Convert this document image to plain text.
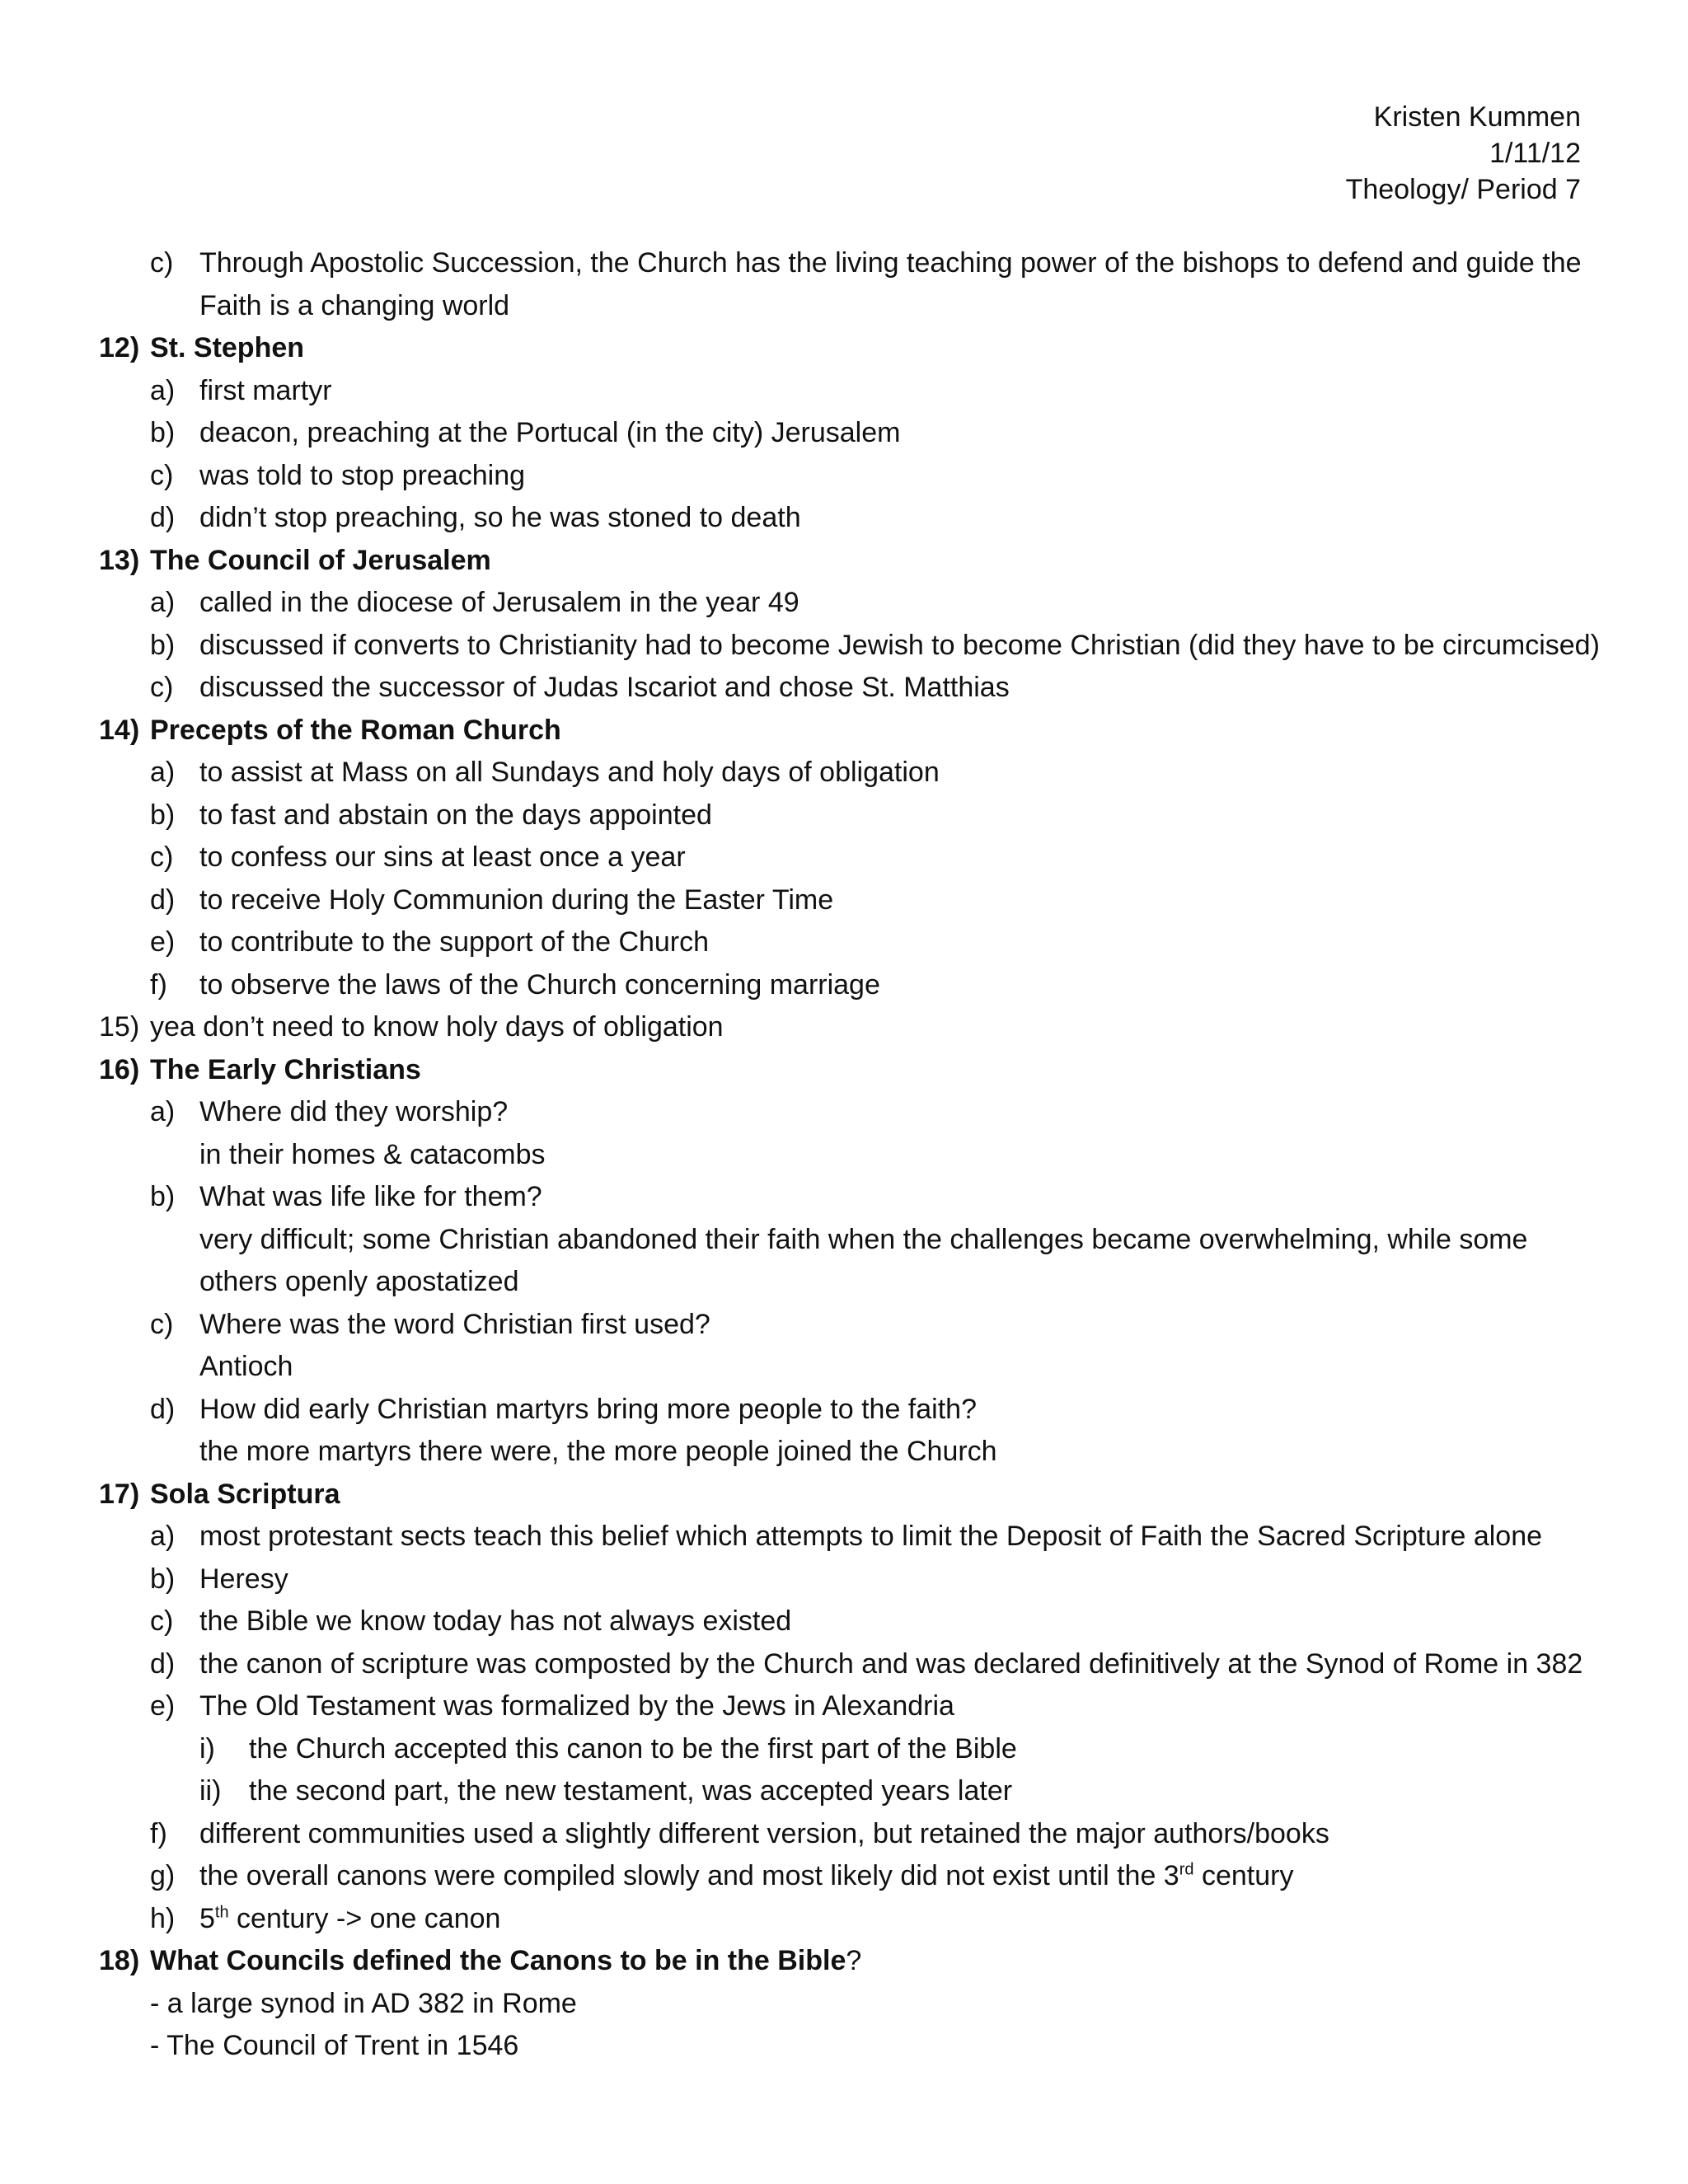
Kristen Kummen
1/11/12
Theology/ Period 7
c) Through Apostolic Succession, the Church has the living teaching power of the bishops to defend and guide the
Faith is a changing world
12) St. Stephen
a) first martyr
b) deacon, preaching at the Portucal (in the city) Jerusalem
c) was told to stop preaching
d) didn’t stop preaching, so he was stoned to death
13) The Council of Jerusalem
a) called in the diocese of Jerusalem in the year 49
b) discussed if converts to Christianity had to become Jewish to become Christian (did they have to be circumcised)
c) discussed the successor of Judas Iscariot and chose St. Matthias
14) Precepts of the Roman Church
a) to assist at Mass on all Sundays and holy days of obligation
b) to fast and abstain on the days appointed
c) to confess our sins at least once a year
d) to receive Holy Communion during the Easter Time
e) to contribute to the support of the Church
f) to observe the laws of the Church concerning marriage
15) yea don’t need to know holy days of obligation
16) The Early Christians
a) Where did they worship?
in their homes & catacombs
b) What was life like for them?
very difficult; some Christian abandoned their faith when the challenges became overwhelming, while some
others openly apostatized
c) Where was the word Christian first used?
Antioch
d) How did early Christian martyrs bring more people to the faith?
the more martyrs there were, the more people joined the Church
17) Sola Scriptura
a) most protestant sects teach this belief which attempts to limit the Deposit of Faith the Sacred Scripture alone
b) Heresy
c) the Bible we know today has not always existed
d) the canon of scripture was composted by the Church and was declared definitively at the Synod of Rome in 382
e) The Old Testament was formalized by the Jews in Alexandria
i) the Church accepted this canon to be the first part of the Bible
ii) the second part, the new testament, was accepted years later
f) different communities used a slightly different version, but retained the major authors/books
g) the overall canons were compiled slowly and most likely did not exist until the 3rd century
h) 5th century -> one canon
18) What Councils defined the Canons to be in the Bible?
- a large synod in AD 382 in Rome
- The Council of Trent in 1546
